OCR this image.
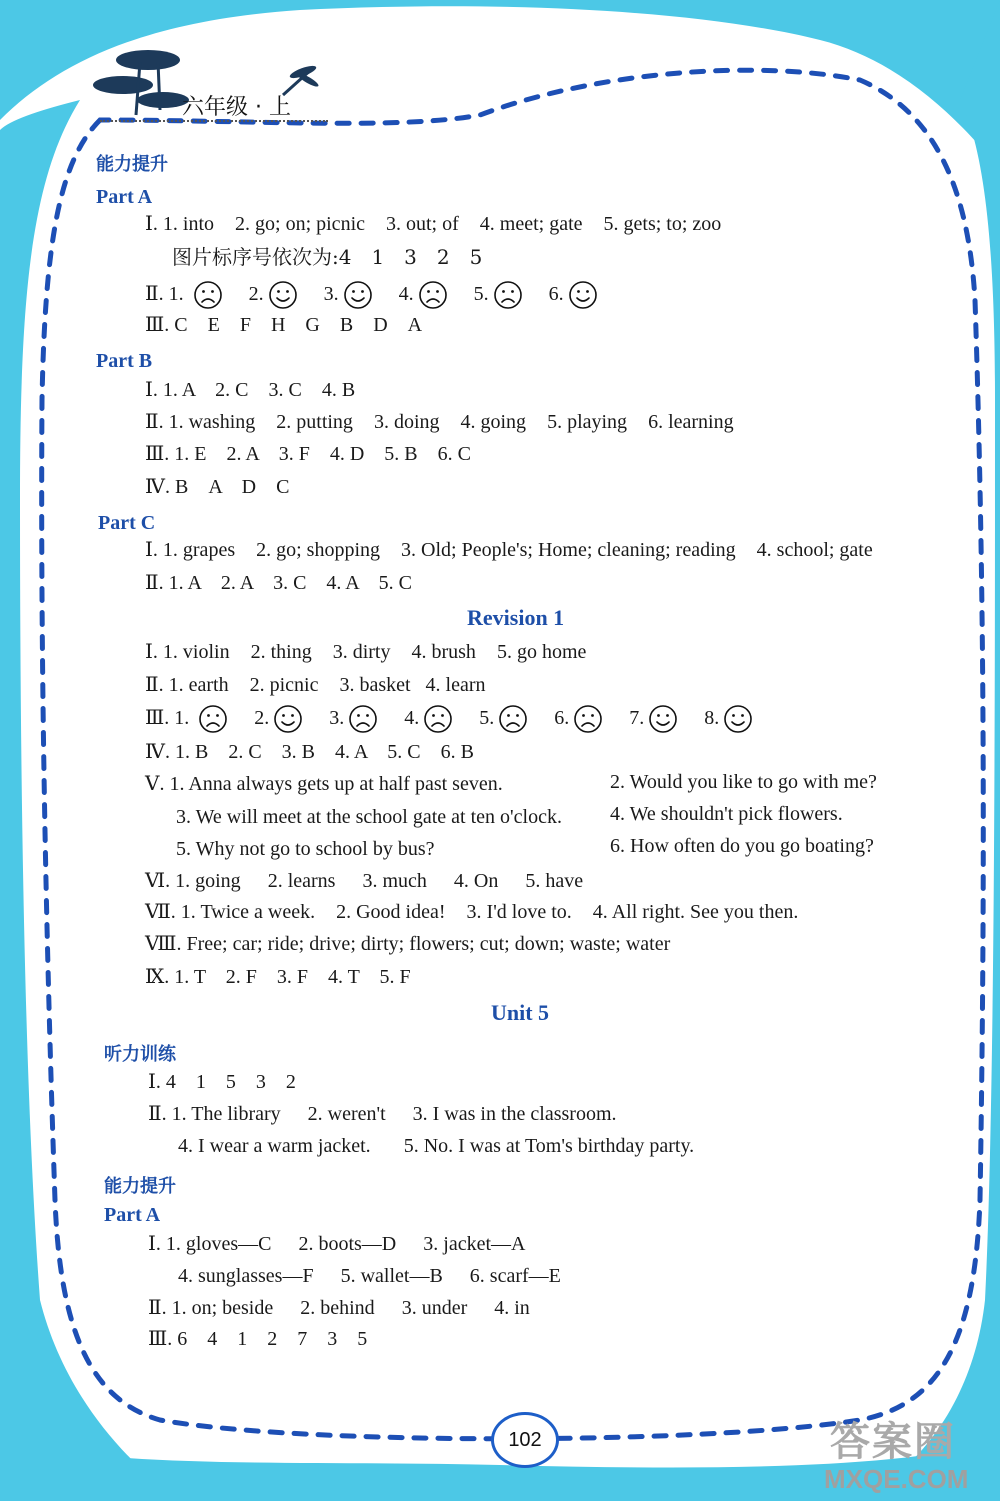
六年级 · 上
能力提升
Part A
Ⅰ. 1. into 2. go; on; picnic 3. out; of 4. meet; gate 5. gets; to; zoo
图片标序号依次为:4　1　3　2　5
Ⅱ. 1.	2.	3.	4.	5.	6.
Ⅲ. C　E　F　H　G　B　D　A
Part B
Ⅰ. 1. A　2. C　3. C　4. B
Ⅱ. 1. washing 2. putting 3. doing 4. going 5. playing 6. learning
Ⅲ. 1. E　2. A　3. F　4. D　5. B　6. C
Ⅳ. B　A　D　C
Part C
Ⅰ. 1. grapes 2. go; shopping 3. Old; People's; Home; cleaning; reading 4. school; gate
Ⅱ. 1. A　2. A　3. C　4. A　5. C
Revision 1
Ⅰ. 1. violin 2. thing 3. dirty 4. brush 5. go home
Ⅱ. 1. earth 2. picnic 3. basket 4. learn
Ⅲ. 1.	2.	3.	4.	5.	6.	7.	8.
Ⅳ. 1. B　2. C　3. B　4. A　5. C　6. B
Ⅴ. 1. Anna always gets up at half past seven.	2. Would you like to go with me?
3. We will meet at the school gate at ten o'clock. 4. We shouldn't pick flowers.
5. Why not go to school by bus?	6. How often do you go boating?
Ⅵ. 1. going 2. learns 3. much 4. On 5. have
Ⅶ. 1. Twice a week. 2. Good idea! 3. I'd love to. 4. All right. See you then.
Ⅷ. Free; car; ride; drive; dirty; flowers; cut; down; waste; water
Ⅸ. 1. T　2. F　3. F　4. T　5. F
Unit 5
听力训练
Ⅰ. 4　1　5　3　2
Ⅱ. 1. The library 2. weren't 3. I was in the classroom.
4. I wear a warm jacket. 5. No. I was at Tom's birthday party.
能力提升
Part A
Ⅰ. 1. gloves—C 2. boots—D 3. jacket—A
4. sunglasses—F 5. wallet—B 6. scarf—E
Ⅱ. 1. on; beside 2. behind 3. under 4. in
Ⅲ. 6　4　1　2　7　3　5
102	答案圈
MXQE.COM
